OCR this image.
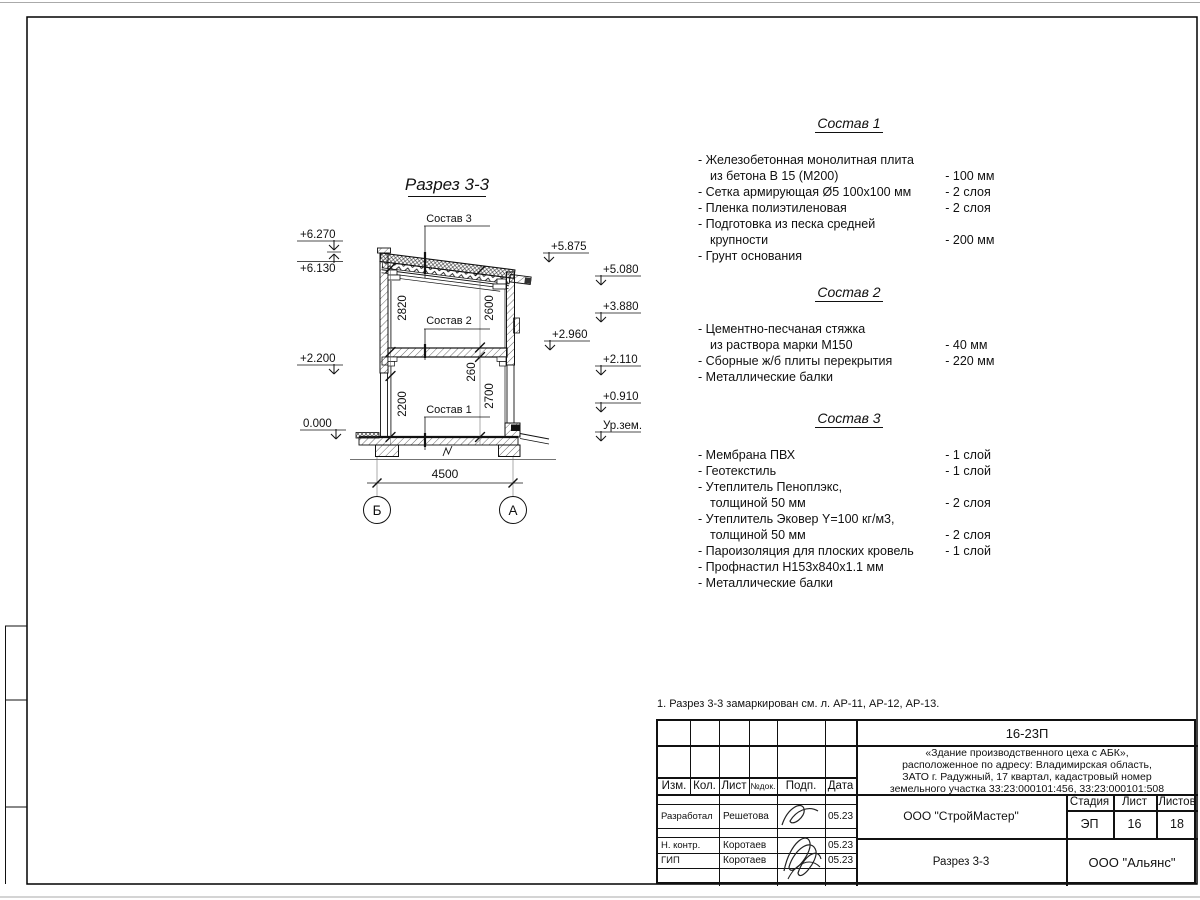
Разрез 3-3
2820
2200
2600
260
2700
4500
Б	А
Состав 3
Состав 2
Состав 1
+6.270
+6.130
+2.200
0.000
+5.875
+5.080
+3.880
+2.960
+2.110
+0.910
Ур.зем.
Состав 1
- Железобетонная монолитная плита
из бетона В 15 (М200)	- 100 мм
- Сетка армирующая Ø5 100x100 мм	- 2 слоя
- Пленка полиэтиленовая	- 2 слоя
- Подготовка из песка средней
крупности	- 200 мм
- Грунт основания
Состав 2
- Цементно-песчаная стяжка
из раствора марки М150	- 40 мм
- Сборные ж/б плиты перекрытия	- 220 мм
- Металлические балки
Состав 3
- Мембрана ПВХ	- 1 слой
- Геотекстиль	- 1 слой
- Утеплитель Пеноплэкс,
толщиной 50 мм	- 2 слоя
- Утеплитель Эковер Y=100 кг/м3,
толщиной 50 мм	- 2 слоя
- Пароизоляция для плоских кровель	- 1 слой
- Профнастил Н153х840х1.1 мм
- Металлические балки
1. Разрез 3-3 замаркирован см. л. АР-11, АР-12, АР-13.
Изм. Кол. Лист №док. Подп.	Дата
Разработал	Решетова	05.23
Н. контр.	Коротаев	05.23
ГИП	Коротаев	05.23
16-23П
«Здание производственного цеха с АБК»,
расположенное по адресу: Владимирская область,
ЗАТО г. Радужный, 17 квартал, кадастровый номер
земельного участка 33:23:000101:456, 33:23:000101:508
ООО "СтройМастер"
Стадия	Лист Листов
ЭП	16	18
Разрез 3-3	ООО "Альянс"
